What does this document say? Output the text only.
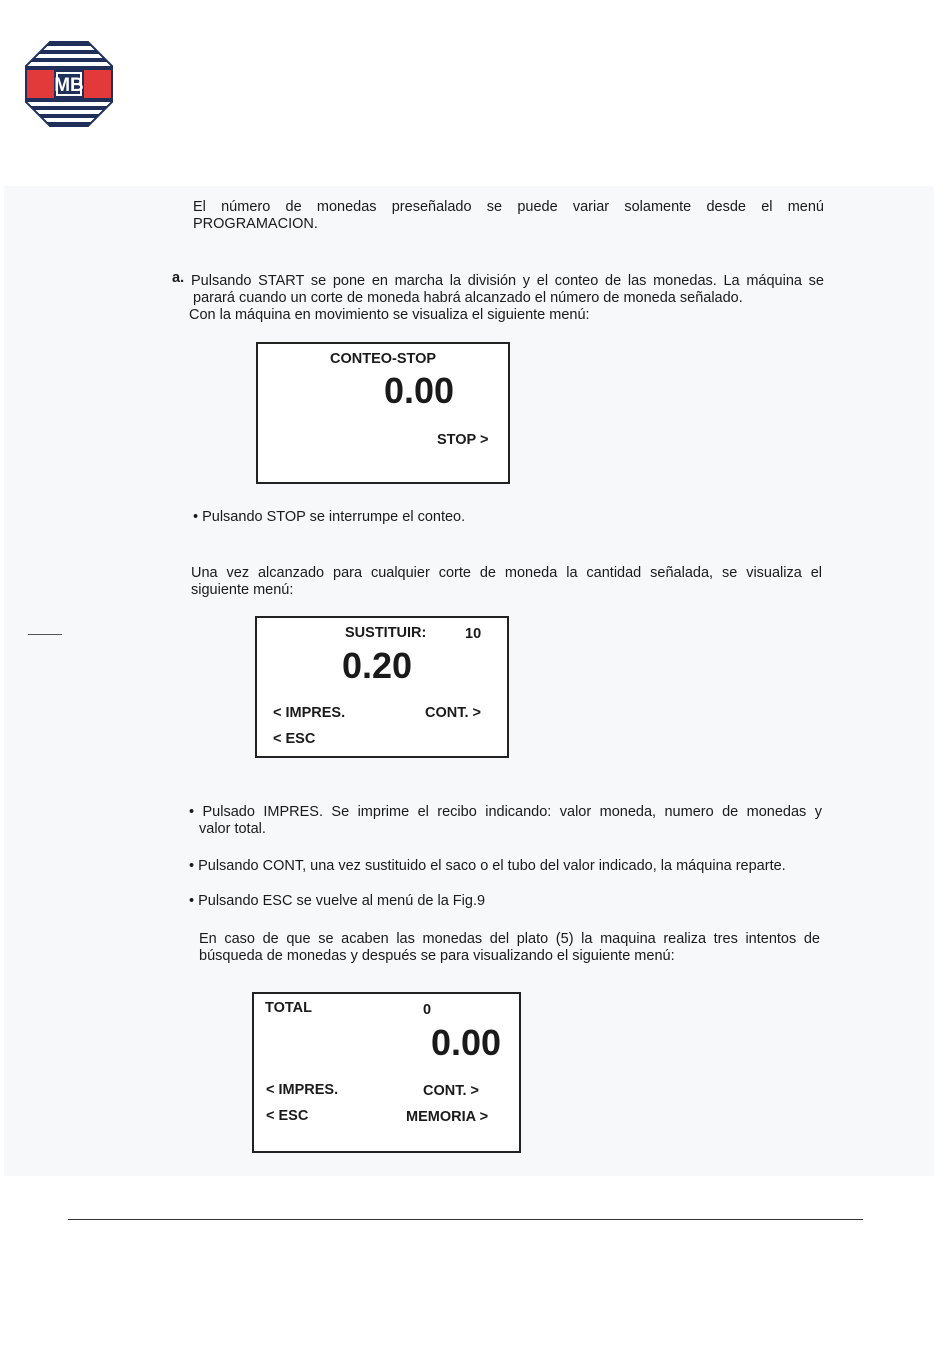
MB

El número de monedas preseñalado se puede variar solamente desde el menú

PROGRAMACION.

a. Pulsando START se pone en marcha la división y el conteo de las monedas. La máquina se

parará cuando un corte de moneda habrá alcanzado el número de moneda señalado.

Con la máquina en movimiento se visualiza el siguiente menú:

CONTEO-STOP
0.00
STOP >

• Pulsando STOP se interrumpe el conteo.

Una vez alcanzado para cualquier corte de moneda la cantidad señalada, se visualiza el

siguiente menú:

SUSTITUIR:	10
0.20
< IMPRES.	CONT. >
< ESC

• Pulsado IMPRES. Se imprime el recibo indicando: valor moneda, numero de monedas y

valor total.

• Pulsando CONT, una vez sustituido el saco o el tubo del valor indicado, la máquina reparte.

• Pulsando ESC se vuelve al menú de la Fig.9

En caso de que se acaben las monedas del plato (5) la maquina realiza tres intentos de

búsqueda de monedas y después se para visualizando el siguiente menú:

TOTAL	0
0.00
< IMPRES.	CONT. >
< ESC	MEMORIA >
